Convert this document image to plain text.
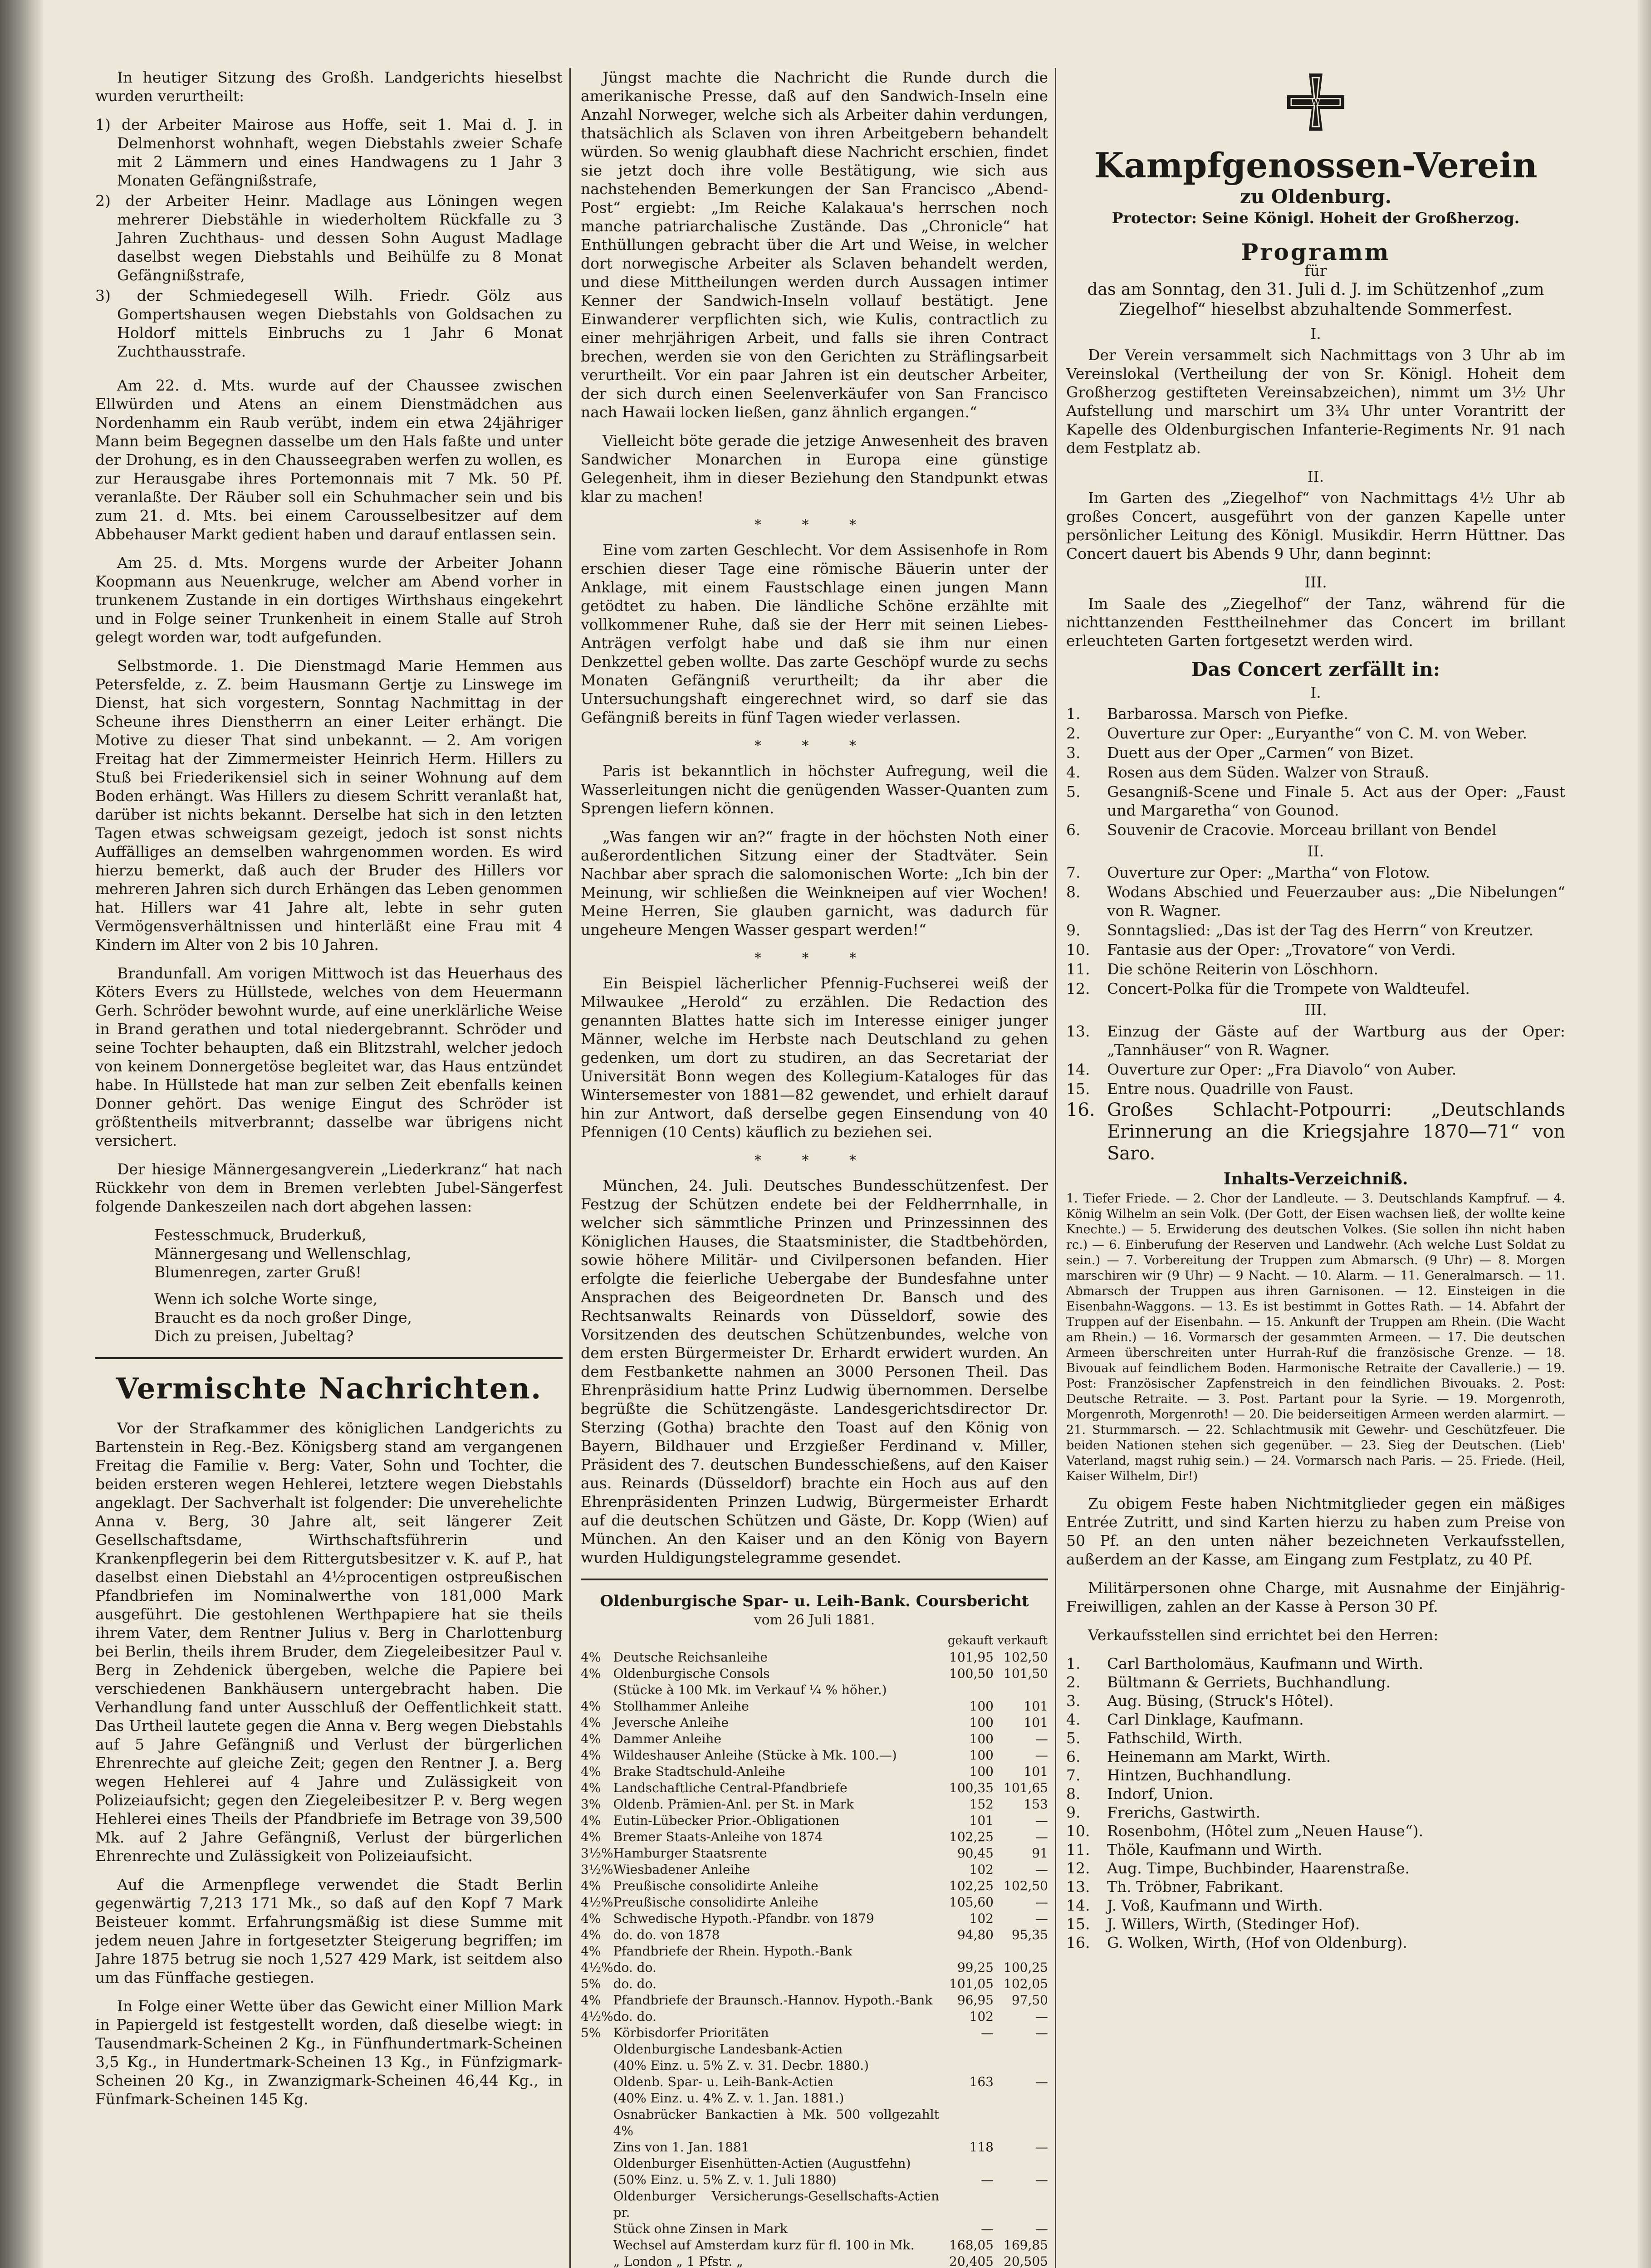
In heutiger Sitzung des Großh. Landgerichts hieselbst wurden verurtheilt:

1) der Arbeiter Mairose aus Hoffe, seit 1. Mai d. J. in Delmenhorst wohnhaft, wegen Diebstahls zweier Schafe mit 2 Lämmern und eines Handwagens zu 1 Jahr 3 Monaten Gefängnißstrafe,
2) der Arbeiter Heinr. Madlage aus Löningen wegen mehrerer Diebstähle in wiederholtem Rückfalle zu 3 Jahren Zuchthaus- und dessen Sohn August Madlage daselbst wegen Diebstahls und Beihülfe zu 8 Monat Gefängnißstrafe,
3) der Schmiedegesell Wilh. Friedr. Gölz aus Gompertshausen wegen Diebstahls von Goldsachen zu Holdorf mittels Einbruchs zu 1 Jahr 6 Monat Zuchthausstrafe.

Am 22. d. Mts. wurde auf der Chaussee zwischen Ellwürden und Atens an einem Dienstmädchen aus Nordenhamm ein Raub verübt, indem ein etwa 24jähriger Mann beim Begegnen dasselbe um den Hals faßte und unter der Drohung, es in den Chausseegraben werfen zu wollen, es zur Herausgabe ihres Portemonnais mit 7 Mk. 50 Pf. veranlaßte. Der Räuber soll ein Schuhmacher sein und bis zum 21. d. Mts. bei einem Carousselbesitzer auf dem Abbehauser Markt gedient haben und darauf entlassen sein.

Am 25. d. Mts. Morgens wurde der Arbeiter Johann Koopmann aus Neuenkruge, welcher am Abend vorher in trunkenem Zustande in ein dortiges Wirthshaus eingekehrt und in Folge seiner Trunkenheit in einem Stalle auf Stroh gelegt worden war, todt aufgefunden.

Selbstmorde. 1. Die Dienstmagd Marie Hemmen aus Petersfelde, z. Z. beim Hausmann Gertje zu Linswege im Dienst, hat sich vorgestern, Sonntag Nachmittag in der Scheune ihres Dienstherrn an einer Leiter erhängt. Die Motive zu dieser That sind unbekannt. — 2. Am vorigen Freitag hat der Zimmermeister Heinrich Herm. Hillers zu Stuß bei Friederikensiel sich in seiner Wohnung auf dem Boden erhängt. Was Hillers zu diesem Schritt veranlaßt hat, darüber ist nichts bekannt. Derselbe hat sich in den letzten Tagen etwas schweigsam gezeigt, jedoch ist sonst nichts Auffälliges an demselben wahrgenommen worden. Es wird hierzu bemerkt, daß auch der Bruder des Hillers vor mehreren Jahren sich durch Erhängen das Leben genommen hat. Hillers war 41 Jahre alt, lebte in sehr guten Vermögensverhältnissen und hinterläßt eine Frau mit 4 Kindern im Alter von 2 bis 10 Jahren.

Brandunfall. Am vorigen Mittwoch ist das Heuerhaus des Köters Evers zu Hüllstede, welches von dem Heuermann Gerh. Schröder bewohnt wurde, auf eine unerklärliche Weise in Brand gerathen und total niedergebrannt. Schröder und seine Tochter behaupten, daß ein Blitzstrahl, welcher jedoch von keinem Donnergetöse begleitet war, das Haus entzündet habe. In Hüllstede hat man zur selben Zeit ebenfalls keinen Donner gehört. Das wenige Eingut des Schröder ist größtentheils mitverbrannt; dasselbe war übrigens nicht versichert.

Der hiesige Männergesangverein „Liederkranz“ hat nach Rückkehr von dem in Bremen verlebten Jubel-Sängerfest folgende Dankeszeilen nach dort abgehen lassen:

Festesschmuck, Bruderkuß,
Männergesang und Wellenschlag,
Blumenregen, zarter Gruß!
Wenn ich solche Worte singe,
Braucht es da noch großer Dinge,
Dich zu preisen, Jubeltag?
Vermischte Nachrichten.

Vor der Strafkammer des königlichen Landgerichts zu Bartenstein in Reg.-Bez. Königsberg stand am vergangenen Freitag die Familie v. Berg: Vater, Sohn und Tochter, die beiden ersteren wegen Hehlerei, letztere wegen Diebstahls angeklagt. Der Sachverhalt ist folgender: Die unverehelichte Anna v. Berg, 30 Jahre alt, seit längerer Zeit Gesellschaftsdame, Wirthschaftsführerin und Krankenpflegerin bei dem Rittergutsbesitzer v. K. auf P., hat daselbst einen Diebstahl an 4½procentigen ostpreußischen Pfandbriefen im Nominalwerthe von 181,000 Mark ausgeführt. Die gestohlenen Werthpapiere hat sie theils ihrem Vater, dem Rentner Julius v. Berg in Charlottenburg bei Berlin, theils ihrem Bruder, dem Ziegeleibesitzer Paul v. Berg in Zehdenick übergeben, welche die Papiere bei verschiedenen Bankhäusern untergebracht haben. Die Verhandlung fand unter Ausschluß der Oeffentlichkeit statt. Das Urtheil lautete gegen die Anna v. Berg wegen Diebstahls auf 5 Jahre Gefängniß und Verlust der bürgerlichen Ehrenrechte auf gleiche Zeit; gegen den Rentner J. a. Berg wegen Hehlerei auf 4 Jahre und Zulässigkeit von Polizeiaufsicht; gegen den Ziegeleibesitzer P. v. Berg wegen Hehlerei eines Theils der Pfandbriefe im Betrage von 39,500 Mk. auf 2 Jahre Gefängniß, Verlust der bürgerlichen Ehrenrechte und Zulässigkeit von Polizeiaufsicht.

Auf die Armenpflege verwendet die Stadt Berlin gegenwärtig 7,213 171 Mk., so daß auf den Kopf 7 Mark Beisteuer kommt. Erfahrungsmäßig ist diese Summe mit jedem neuen Jahre in fortgesetzter Steigerung begriffen; im Jahre 1875 betrug sie noch 1,527 429 Mark, ist seitdem also um das Fünffache gestiegen.

In Folge einer Wette über das Gewicht einer Million Mark in Papiergeld ist festgestellt worden, daß dieselbe wiegt: in Tausendmark-Scheinen 2 Kg., in Fünfhundertmark-Scheinen 3,5 Kg., in Hundertmark-Scheinen 13 Kg., in Fünfzigmark-Scheinen 20 Kg., in Zwanzigmark-Scheinen 46,44 Kg., in Fünfmark-Scheinen 145 Kg.

Jüngst machte die Nachricht die Runde durch die amerikanische Presse, daß auf den Sandwich-Inseln eine Anzahl Norweger, welche sich als Arbeiter dahin verdungen, thatsächlich als Sclaven von ihren Arbeitgebern behandelt würden. So wenig glaubhaft diese Nachricht erschien, findet sie jetzt doch ihre volle Bestätigung, wie sich aus nachstehenden Bemerkungen der San Francisco „Abend-Post“ ergiebt: „Im Reiche Kalakaua's herrschen noch manche patriarchalische Zustände. Das „Chronicle“ hat Enthüllungen gebracht über die Art und Weise, in welcher dort norwegische Arbeiter als Sclaven behandelt werden, und diese Mittheilungen werden durch Aussagen intimer Kenner der Sandwich-Inseln vollauf bestätigt. Jene Einwanderer verpflichten sich, wie Kulis, contractlich zu einer mehrjährigen Arbeit, und falls sie ihren Contract brechen, werden sie von den Gerichten zu Sträflingsarbeit verurtheilt. Vor ein paar Jahren ist ein deutscher Arbeiter, der sich durch einen Seelenverkäufer von San Francisco nach Hawaii locken ließen, ganz ähnlich ergangen.“

Vielleicht böte gerade die jetzige Anwesenheit des braven Sandwicher Monarchen in Europa eine günstige Gelegenheit, ihm in dieser Beziehung den Standpunkt etwas klar zu machen!

* * *

Eine vom zarten Geschlecht. Vor dem Assisenhofe in Rom erschien dieser Tage eine römische Bäuerin unter der Anklage, mit einem Faustschlage einen jungen Mann getödtet zu haben. Die ländliche Schöne erzählte mit vollkommener Ruhe, daß sie der Herr mit seinen Liebes-Anträgen verfolgt habe und daß sie ihm nur einen Denkzettel geben wollte. Das zarte Geschöpf wurde zu sechs Monaten Gefängniß verurtheilt; da ihr aber die Untersuchungshaft eingerechnet wird, so darf sie das Gefängniß bereits in fünf Tagen wieder verlassen.

* * *

Paris ist bekanntlich in höchster Aufregung, weil die Wasserleitungen nicht die genügenden Wasser-Quanten zum Sprengen liefern können.

„Was fangen wir an?“ fragte in der höchsten Noth einer außerordentlichen Sitzung einer der Stadtväter. Sein Nachbar aber sprach die salomonischen Worte: „Ich bin der Meinung, wir schließen die Weinkneipen auf vier Wochen! Meine Herren, Sie glauben garnicht, was dadurch für ungeheure Mengen Wasser gespart werden!“

* * *

Ein Beispiel lächerlicher Pfennig-Fuchserei weiß der Milwaukee „Herold“ zu erzählen. Die Redaction des genannten Blattes hatte sich im Interesse einiger junger Männer, welche im Herbste nach Deutschland zu gehen gedenken, um dort zu studiren, an das Secretariat der Universität Bonn wegen des Kollegium-Kataloges für das Wintersemester von 1881—82 gewendet, und erhielt darauf hin zur Antwort, daß derselbe gegen Einsendung von 40 Pfennigen (10 Cents) käuflich zu beziehen sei.

* * *

München, 24. Juli. Deutsches Bundesschützenfest. Der Festzug der Schützen endete bei der Feldherrnhalle, in welcher sich sämmtliche Prinzen und Prinzessinnen des Königlichen Hauses, die Staatsminister, die Stadtbehörden, sowie höhere Militär- und Civilpersonen befanden. Hier erfolgte die feierliche Uebergabe der Bundesfahne unter Ansprachen des Beigeordneten Dr. Bansch und des Rechtsanwalts Reinards von Düsseldorf, sowie des Vorsitzenden des deutschen Schützenbundes, welche von dem ersten Bürgermeister Dr. Erhardt erwidert wurden. An dem Festbankette nahmen an 3000 Personen Theil. Das Ehrenpräsidium hatte Prinz Ludwig übernommen. Derselbe begrüßte die Schützengäste. Landesgerichtsdirector Dr. Sterzing (Gotha) brachte den Toast auf den König von Bayern, Bildhauer und Erzgießer Ferdinand v. Miller, Präsident des 7. deutschen Bundesschießens, auf den Kaiser aus. Reinards (Düsseldorf) brachte ein Hoch aus auf den Ehrenpräsidenten Prinzen Ludwig, Bürgermeister Erhardt auf die deutschen Schützen und Gäste, Dr. Kopp (Wien) auf München. An den Kaiser und an den König von Bayern wurden Huldigungstelegramme gesendet.

Oldenburgische Spar- u. Leih-Bank. Coursbericht
vom 26 Juli 1881.
		gekauft	verkauft
4%	Deutsche Reichsanleihe	101,95	102,50
4%	Oldenburgische Consols	100,50	101,50
	(Stücke à 100 Mk. im Verkauf ¼ % höher.)		
4%	Stollhammer Anleihe	100	101
4%	Jeversche Anleihe	100	101
4%	Dammer Anleihe	100	—
4%	Wildeshauser Anleihe (Stücke à Mk. 100.—)	100	—
4%	Brake Stadtschuld-Anleihe	100	101
4%	Landschaftliche Central-Pfandbriefe	100,35	101,65
3%	Oldenb. Prämien-Anl. per St. in Mark	152	153
4%	Eutin-Lübecker Prior.-Obligationen	101	—
4%	Bremer Staats-Anleihe von 1874	102,25	—
3½%	Hamburger Staatsrente	90,45	91
3½%	Wiesbadener Anleihe	102	—
4%	Preußische consolidirte Anleihe	102,25	102,50
4½%	Preußische consolidirte Anleihe	105,60	—
4%	Schwedische Hypoth.-Pfandbr. von 1879	102	—
4%	do. do. von 1878	94,80	95,35
4%	Pfandbriefe der Rhein. Hypoth.-Bank		
4½%	do. do.	99,25	100,25
5%	do. do.	101,05	102,05
4%	Pfandbriefe der Braunsch.-Hannov. Hypoth.-Bank	96,95	97,50
4½%	do. do.	102	—
5%	Körbisdorfer Prioritäten	—	—
	Oldenburgische Landesbank-Actien		
	(40% Einz. u. 5% Z. v. 31. Decbr. 1880.)		
	Oldenb. Spar- u. Leih-Bank-Actien	163	—
	(40% Einz. u. 4% Z. v. 1. Jan. 1881.)		
	Osnabrücker Bankactien à Mk. 500 vollgezahlt 4%		
	Zins von 1. Jan. 1881	118	—
	Oldenburger Eisenhütten-Actien (Augustfehn)		
	(50% Einz. u. 5% Z. v. 1. Juli 1880)	—	—
	Oldenburger Versicherungs-Gesellschafts-Actien pr.		
	Stück ohne Zinsen in Mark	—	—
	Wechsel auf Amsterdam kurz für fl. 100 in Mk.	168,05	169,85
	„ London „ 1 Pfstr. „	20,405	20,505

W
Kampfgenossen-Verein
zu Oldenburg.
Protector: Seine Königl. Hoheit der Großherzog.
Programm
für
das am Sonntag, den 31. Juli d. J. im Schützenhof „zum Ziegelhof“ hieselbst abzuhaltende Sommerfest.
I.

Der Verein versammelt sich Nachmittags von 3 Uhr ab im Vereinslokal (Vertheilung der von Sr. Königl. Hoheit dem Großherzog gestifteten Vereinsabzeichen), nimmt um 3½ Uhr Aufstellung und marschirt um 3¾ Uhr unter Vorantritt der Kapelle des Oldenburgischen Infanterie-Regiments Nr. 91 nach dem Festplatz ab.

II.

Im Garten des „Ziegelhof“ von Nachmittags 4½ Uhr ab großes Concert, ausgeführt von der ganzen Kapelle unter persönlicher Leitung des Königl. Musikdir. Herrn Hüttner. Das Concert dauert bis Abends 9 Uhr, dann beginnt:

III.

Im Saale des „Ziegelhof“ der Tanz, während für die nichttanzenden Festtheilnehmer das Concert im brillant erleuchteten Garten fortgesetzt werden wird.

Das Concert zerfällt in:
I.
1. Barbarossa. Marsch von Piefke.
2. Ouverture zur Oper: „Euryanthe“ von C. M. von Weber.
3. Duett aus der Oper „Carmen“ von Bizet.
4. Rosen aus dem Süden. Walzer von Strauß.
5. Gesangniß-Scene und Finale 5. Act aus der Oper: „Faust und Margaretha“ von Gounod.
6. Souvenir de Cracovie. Morceau brillant von Bendel
II.
7. Ouverture zur Oper: „Martha“ von Flotow.
8. Wodans Abschied und Feuerzauber aus: „Die Nibelungen“ von R. Wagner.
9. Sonntagslied: „Das ist der Tag des Herrn“ von Kreutzer.
10. Fantasie aus der Oper: „Trovatore“ von Verdi.
11. Die schöne Reiterin von Löschhorn.
12. Concert-Polka für die Trompete von Waldteufel.
III.
13. Einzug der Gäste auf der Wartburg aus der Oper: „Tannhäuser“ von R. Wagner.
14. Ouverture zur Oper: „Fra Diavolo“ von Auber.
15. Entre nous. Quadrille von Faust.
16. Großes Schlacht-Potpourri: „Deutschlands Erinnerung an die Kriegsjahre 1870—71“ von Saro.
Inhalts-Verzeichniß.

1. Tiefer Friede. — 2. Chor der Landleute. — 3. Deutschlands Kampfruf. — 4. König Wilhelm an sein Volk. (Der Gott, der Eisen wachsen ließ, der wollte keine Knechte.) — 5. Erwiderung des deutschen Volkes. (Sie sollen ihn nicht haben rc.) — 6. Einberufung der Reserven und Landwehr. (Ach welche Lust Soldat zu sein.) — 7. Vorbereitung der Truppen zum Abmarsch. (9 Uhr) — 8. Morgen marschiren wir (9 Uhr) — 9 Nacht. — 10. Alarm. — 11. Generalmarsch. — 11. Abmarsch der Truppen aus ihren Garnisonen. — 12. Einsteigen in die Eisenbahn-Waggons. — 13. Es ist bestimmt in Gottes Rath. — 14. Abfahrt der Truppen auf der Eisenbahn. — 15. Ankunft der Truppen am Rhein. (Die Wacht am Rhein.) — 16. Vormarsch der gesammten Armeen. — 17. Die deutschen Armeen überschreiten unter Hurrah-Ruf die französische Grenze. — 18. Bivouak auf feindlichem Boden. Harmonische Retraite der Cavallerie.) — 19. Post: Französischer Zapfenstreich in den feindlichen Bivouaks. 2. Post: Deutsche Retraite. — 3. Post. Partant pour la Syrie. — 19. Morgenroth, Morgenroth, Morgenroth! — 20. Die beiderseitigen Armeen werden alarmirt. — 21. Sturmmarsch. — 22. Schlachtmusik mit Gewehr- und Geschützfeuer. Die beiden Nationen stehen sich gegenüber. — 23. Sieg der Deutschen. (Lieb' Vaterland, magst ruhig sein.) — 24. Vormarsch nach Paris. — 25. Friede. (Heil, Kaiser Wilhelm, Dir!)

Zu obigem Feste haben Nichtmitglieder gegen ein mäßiges Entrée Zutritt, und sind Karten hierzu zu haben zum Preise von 50 Pf. an den unten näher bezeichneten Verkaufsstellen, außerdem an der Kasse, am Eingang zum Festplatz, zu 40 Pf.

Militärpersonen ohne Charge, mit Ausnahme der Einjährig-Freiwilligen, zahlen an der Kasse à Person 30 Pf.

Verkaufsstellen sind errichtet bei den Herren:

1. Carl Bartholomäus, Kaufmann und Wirth.
2. Bültmann & Gerriets, Buchhandlung.
3. Aug. Büsing, (Struck's Hôtel).
4. Carl Dinklage, Kaufmann.
5. Fathschild, Wirth.
6. Heinemann am Markt, Wirth.
7. Hintzen, Buchhandlung.
8. Indorf, Union.
9. Frerichs, Gastwirth.
10. Rosenbohm, (Hôtel zum „Neuen Hause“).
11. Thöle, Kaufmann und Wirth.
12. Aug. Timpe, Buchbinder, Haarenstraße.
13. Th. Tröbner, Fabrikant.
14. J. Voß, Kaufmann und Wirth.
15. J. Willers, Wirth, (Stedinger Hof).
16. G. Wolken, Wirth, (Hof von Oldenburg).
